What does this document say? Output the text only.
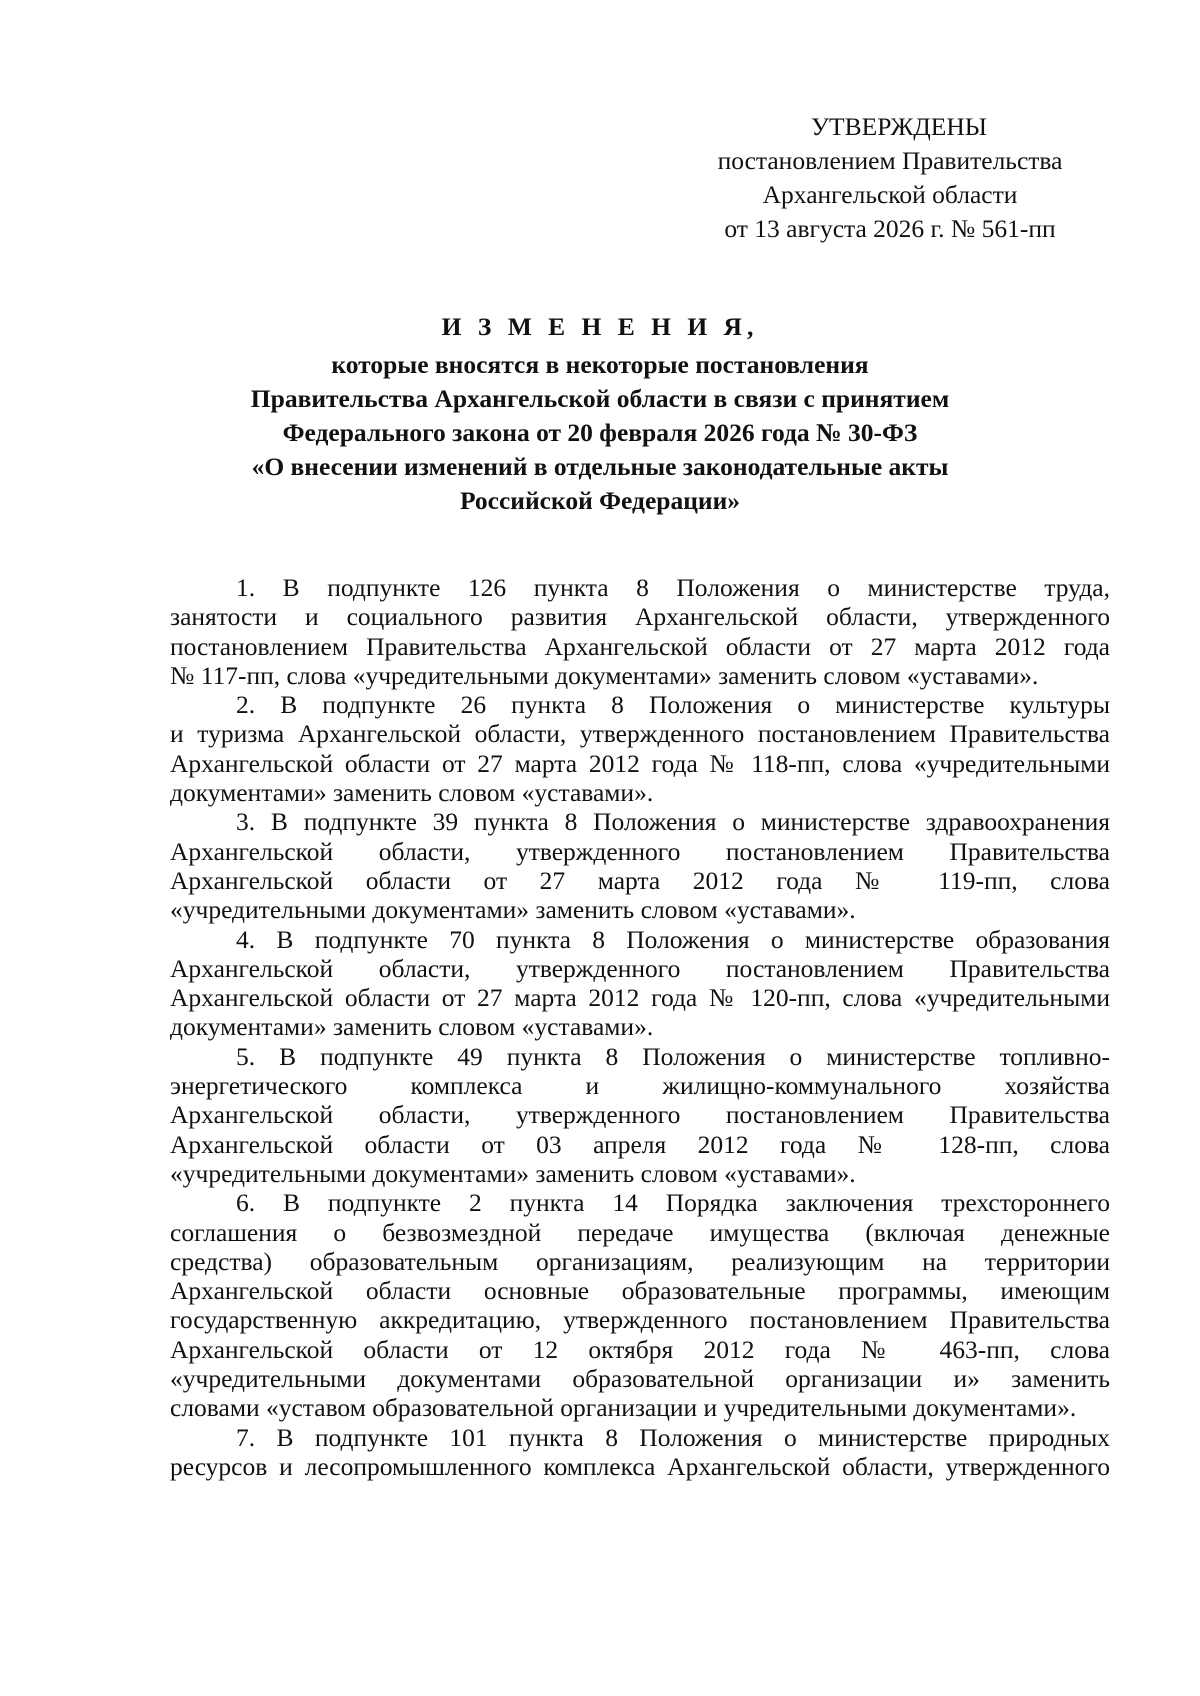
УТВЕРЖДЕНЫ
постановлением Правительства
Архангельской области
от 13 августа 2026 г. № 561-пп
И З М Е Н Е Н И Я,
которые вносятся в некоторые постановления
Правительства Архангельской области в связи с принятием
Федерального закона от 20 февраля 2026 года № 30-ФЗ
«О внесении изменений в отдельные законодательные акты
Российской Федерации»
1. В подпункте 126 пункта 8 Положения о министерстве труда,
занятости и социального развития Архангельской области, утвержденного
постановлением Правительства Архангельской области от 27 марта 2012 года
№ 117-пп, слова «учредительными документами» заменить словом «уставами».
2. В подпункте 26 пункта 8 Положения о министерстве культуры
и туризма Архангельской области, утвержденного постановлением Правительства
Архангельской области от 27 марта 2012 года № 118-пп, слова «учредительными
документами» заменить словом «уставами».
3. В подпункте 39 пункта 8 Положения о министерстве здравоохранения
Архангельской области, утвержденного постановлением Правительства
Архангельской области от 27 марта 2012 года № 119-пп, слова
«учредительными документами» заменить словом «уставами».
4. В подпункте 70 пункта 8 Положения о министерстве образования
Архангельской области, утвержденного постановлением Правительства
Архангельской области от 27 марта 2012 года № 120-пп, слова «учредительными
документами» заменить словом «уставами».
5. В подпункте 49 пункта 8 Положения о министерстве топливно-
энергетического комплекса и жилищно-коммунального хозяйства
Архангельской области, утвержденного постановлением Правительства
Архангельской области от 03 апреля 2012 года № 128-пп, слова
«учредительными документами» заменить словом «уставами».
6. В подпункте 2 пункта 14 Порядка заключения трехстороннего
соглашения о безвозмездной передаче имущества (включая денежные
средства) образовательным организациям, реализующим на территории
Архангельской области основные образовательные программы, имеющим
государственную аккредитацию, утвержденного постановлением Правительства
Архангельской области от 12 октября 2012 года № 463-пп, слова
«учредительными документами образовательной организации и» заменить
словами «уставом образовательной организации и учредительными документами».
7. В подпункте 101 пункта 8 Положения о министерстве природных
ресурсов и лесопромышленного комплекса Архангельской области, утвержденного
